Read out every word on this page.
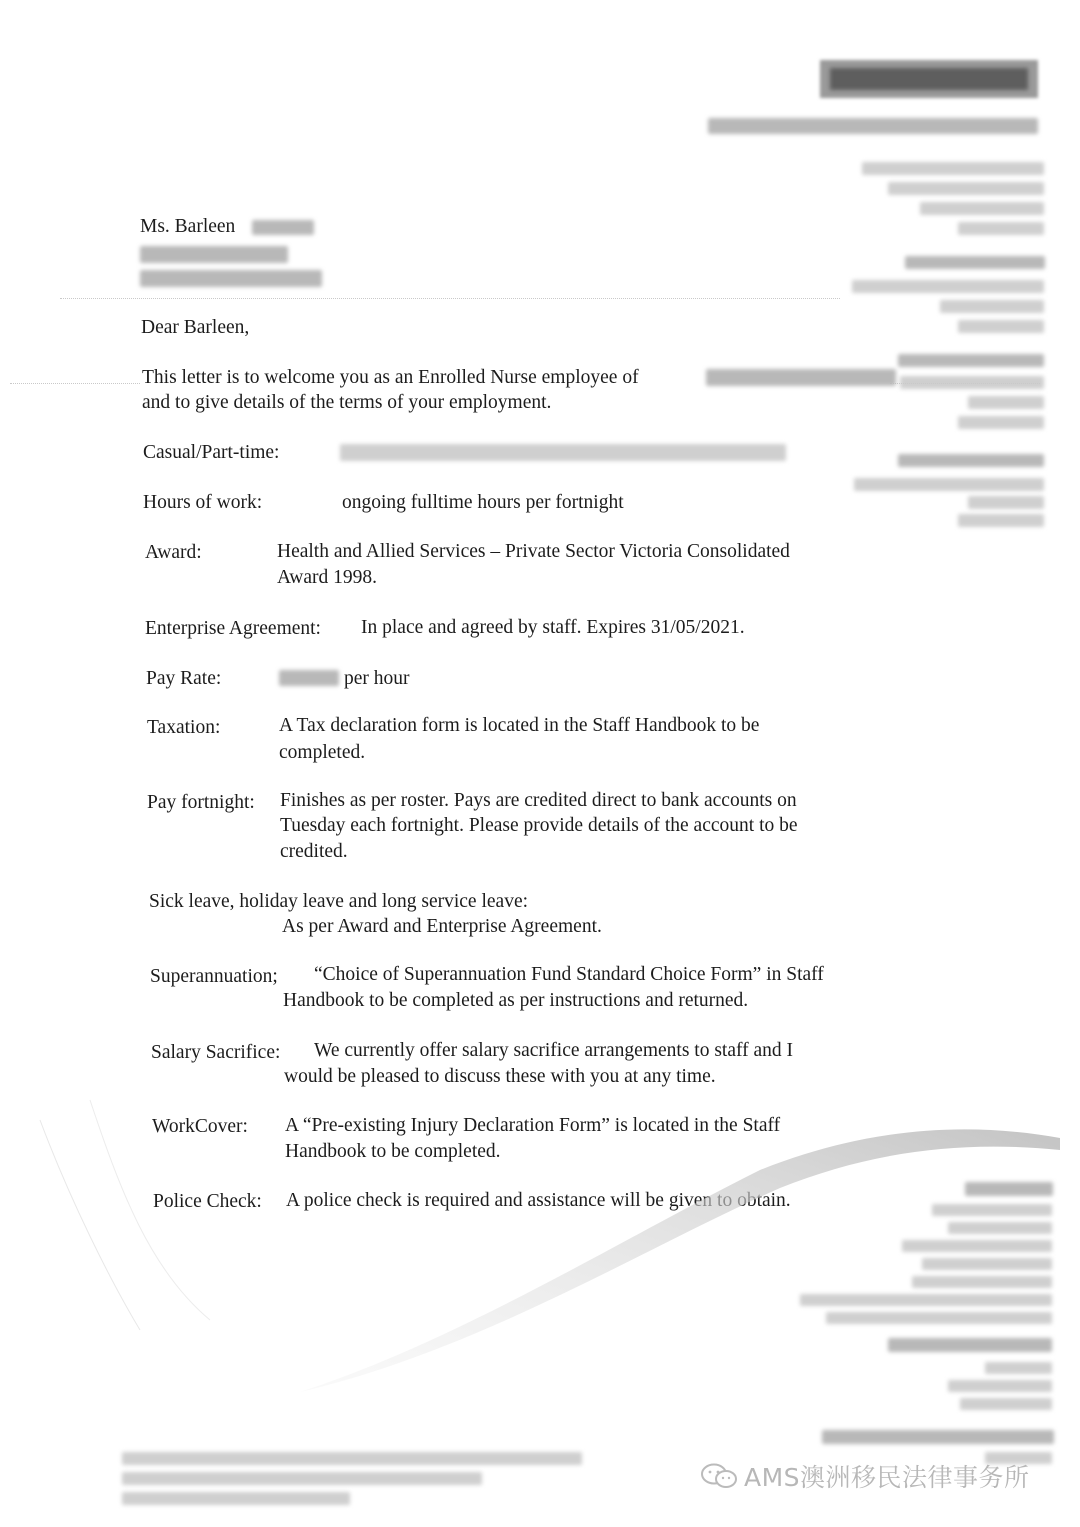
Ms. Barleen
Dear Barleen,
This letter is to welcome you as an Enrolled Nurse employee of
and to give details of the terms of your employment.
Casual/Part-time:
Hours of work:	ongoing fulltime hours per fortnight
Award:	Health and Allied Services – Private Sector Victoria Consolidated
Award 1998.
Enterprise Agreement: In place and agreed by staff. Expires 31/05/2021.
Pay Rate:	per hour
Taxation:	A Tax declaration form is located in the Staff Handbook to be
completed.
Pay fortnight: Finishes as per roster. Pays are credited direct to bank accounts on
Tuesday each fortnight. Please provide details of the account to be
credited.
Sick leave, holiday leave and long service leave:
As per Award and Enterprise Agreement.
Superannuation; “Choice of Superannuation Fund Standard Choice Form” in Staff
Handbook to be completed as per instructions and returned.
Salary Sacrifice: We currently offer salary sacrifice arrangements to staff and I
would be pleased to discuss these with you at any time.
WorkCover: A “Pre-existing Injury Declaration Form” is located in the Staff
Handbook to be completed.
Police Check: A police check is required and assistance will be given to obtain.
AMS澳洲移民法律事务所
